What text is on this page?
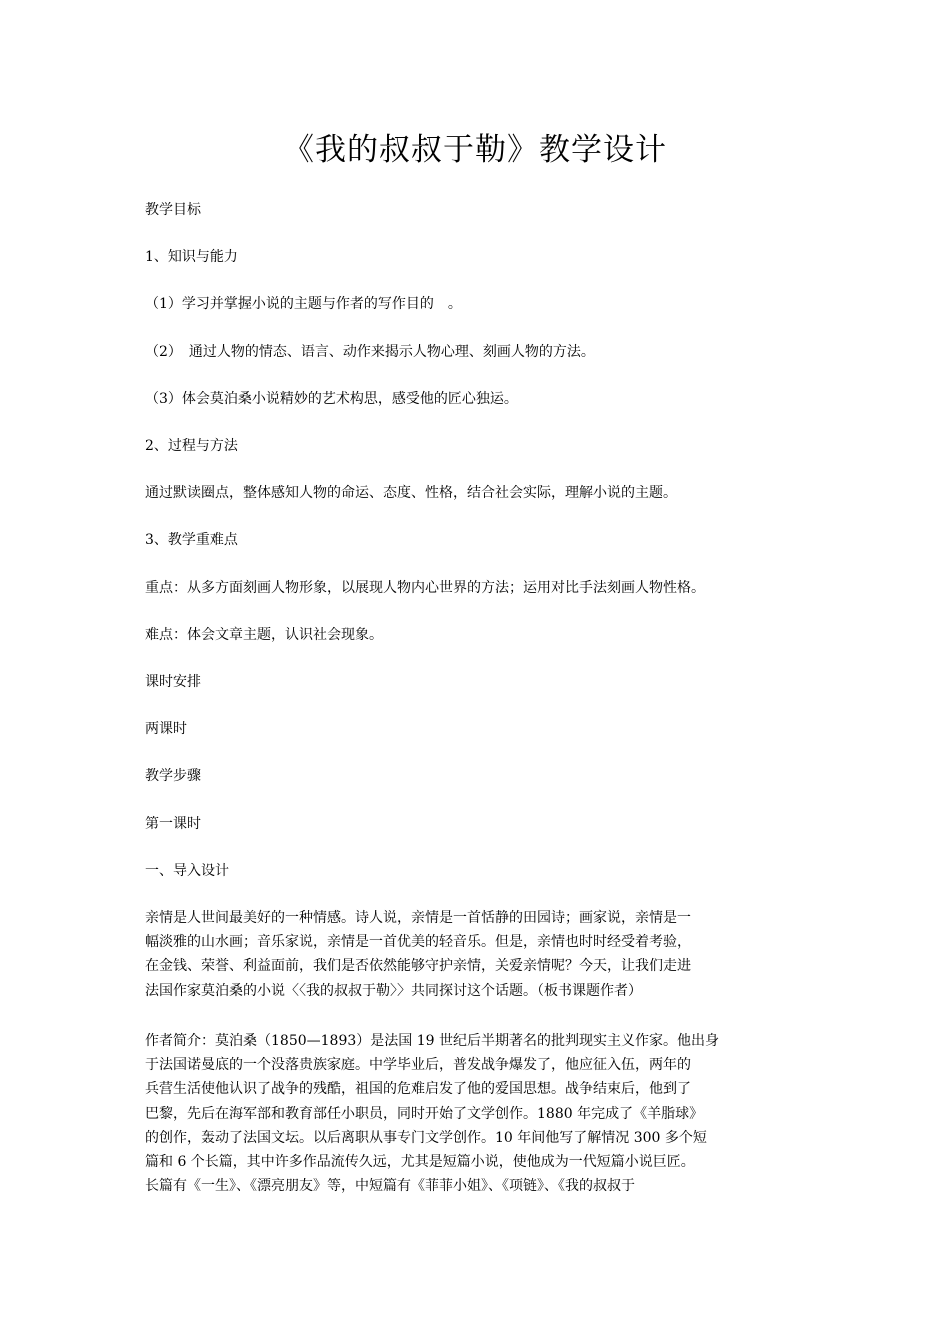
《我的叔叔于勒》教学设计

教学目标

1、知识与能力

（1）学习并掌握小说的主题与作者的写作目的　。

（2）　通过人物的情态、语言、动作来揭示人物心理、刻画人物的方法。

（3）体会莫泊桑小说精妙的艺术构思，感受他的匠心独运。

2、过程与方法

通过默读圈点，整体感知人物的命运、态度、性格，结合社会实际，理解小说的主题。

3、教学重难点

重点：从多方面刻画人物形象，以展现人物内心世界的方法；运用对比手法刻画人物性格。

难点：体会文章主题，认识社会现象。

课时安排

两课时

教学步骤

第一课时

一、导入设计

亲情是人世间最美好的一种情感。诗人说，亲情是一首恬静的田园诗；画家说，亲情是一
幅淡雅的山水画；音乐家说，亲情是一首优美的轻音乐。但是，亲情也时时经受着考验，
在金钱、荣誉、利益面前，我们是否依然能够守护亲情，关爱亲情呢？今天，让我们走进
法国作家莫泊桑的小说〈〈我的叔叔于勒〉〉共同探讨这个话题。（板书课题作者）

作者简介：莫泊桑（1850—1893）是法国 19 世纪后半期著名的批判现实主义作家。他出身
于法国诺曼底的一个没落贵族家庭。中学毕业后，普发战争爆发了，他应征入伍，两年的
兵营生活使他认识了战争的残酷，祖国的危难启发了他的爱国思想。战争结束后，他到了
巴黎，先后在海军部和教育部任小职员，同时开始了文学创作。1880 年完成了《羊脂球》
的创作，轰动了法国文坛。以后离职从事专门文学创作。10 年间他写了解情况 300 多个短
篇和 6 个长篇，其中许多作品流传久远，尤其是短篇小说，使他成为一代短篇小说巨匠。
长篇有《一生》、《漂亮朋友》等，中短篇有《菲菲小姐》、《项链》、《我的叔叔于
